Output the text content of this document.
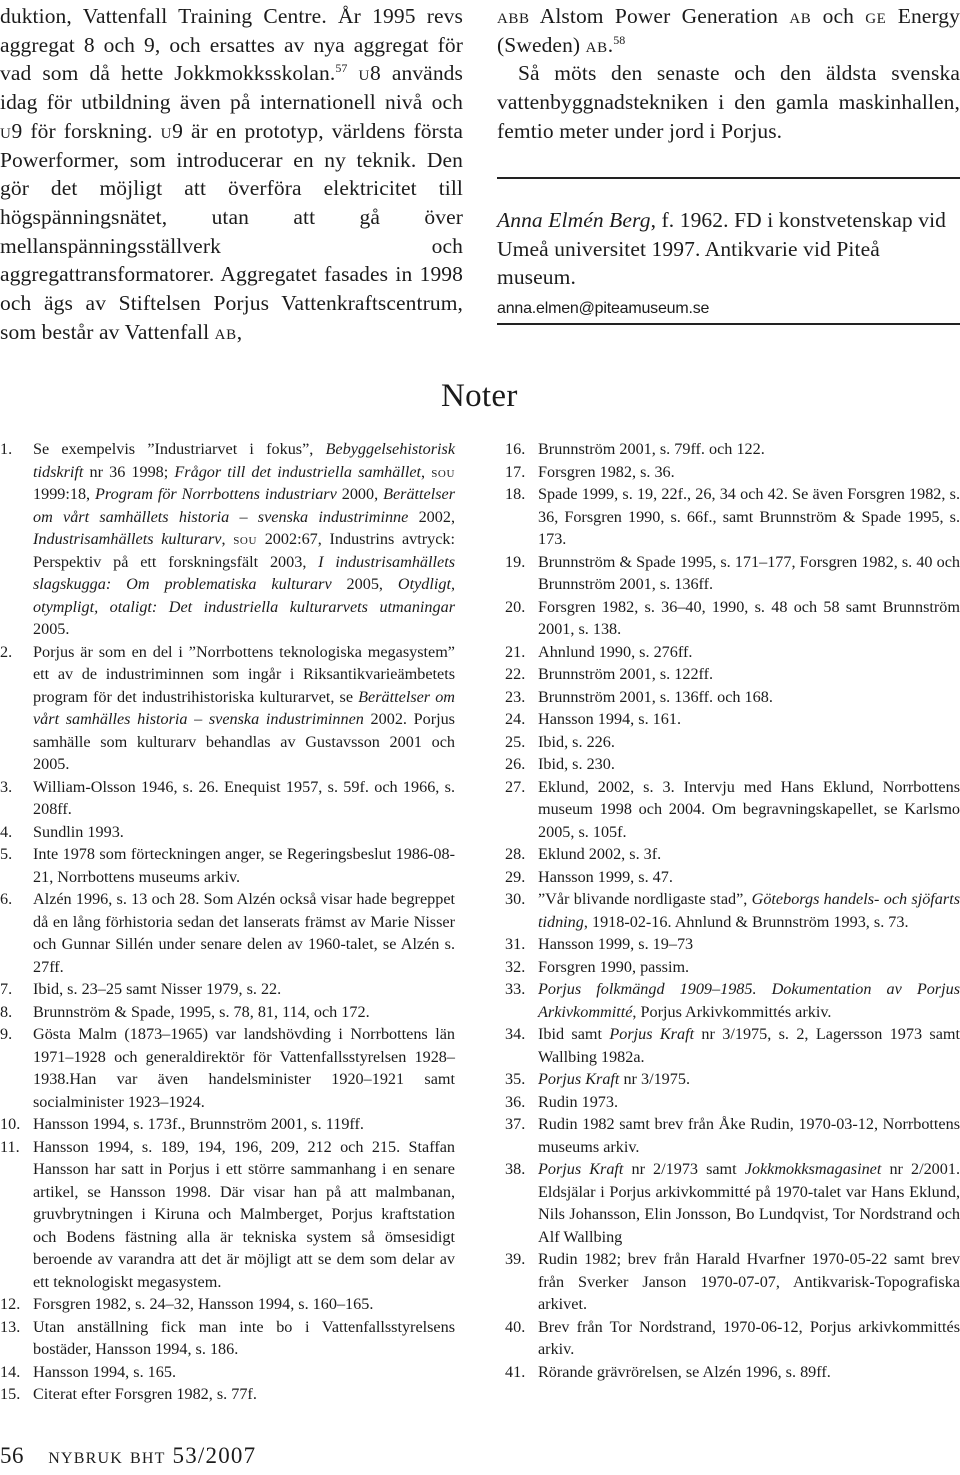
duktion, Vattenfall Training Centre. År 1995 revs aggregat 8 och 9, och ersattes av nya aggregat för vad som då hette Jokkmokksskolan.$^{57}$ u8 används idag för utbildning även på internationell nivå och u9 för forskning. u9 är en prototyp, världens första Powerformer, som introducerar en ny teknik. Den gör det möjligt att överföra elektricitet till högspänningsnätet, utan att gå över mellanspänningsställverk och aggregattransformatorer. Aggregatet fasades in 1998 och ägs av Stiftelsen Porjus Vattenkraftscentrum, som består av Vattenfall ab,

abb Alstom Power Generation ab och ge Energy (Sweden) ab.$^{58}$

Så möts den senaste och den äldsta svenska vattenbyggnadstekniken i den gamla maskinhallen, femtio meter under jord i Porjus.

Anna Elmén Berg, f. 1962. FD i konstvetenskap vid Umeå universitet 1997. Antikvarie vid Piteå museum.

anna.elmen@piteamuseum.se
Noter
1.	Se exempelvis ”Industriarvet i fokus”, Bebyggelsehistorisk tidskrift nr 36 1998; Frågor till det industriella samhället, sou 1999:18, Program för Norrbottens industriarv 2000, Berättelser om vårt samhällets historia – svenska industriminne 2002, Industrisamhällets kulturarv, sou 2002:67, Industrins avtryck: Perspektiv på ett forskningsfält 2003, I industrisamhällets slagskugga: Om problematiska kulturarv 2005, Otydligt, otympligt, otaligt: Det industriella kulturarvets utmaningar 2005.
2.	Porjus är som en del i ”Norrbottens teknologiska megasystem” ett av de industriminnen som ingår i Riksantikvarieämbetets program för det industrihistoriska kulturarvet, se Berättelser om vårt samhälles historia – svenska industriminnen 2002. Porjus samhälle som kulturarv behandlas av Gustavsson 2001 och 2005.
3.	William-Olsson 1946, s. 26. Enequist 1957, s. 59f. och 1966, s. 208ff.
4.	Sundlin 1993.
5.	Inte 1978 som förteckningen anger, se Regeringsbeslut 1986-08-21, Norrbottens museums arkiv.
6.	Alzén 1996, s. 13 och 28. Som Alzén också visar hade begreppet då en lång förhistoria sedan det lanserats främst av Marie Nisser och Gunnar Sillén under senare delen av 1960-talet, se Alzén s. 27ff.
7.	Ibid, s. 23–25 samt Nisser 1979, s. 22.
8.	Brunnström & Spade, 1995, s. 78, 81, 114, och 172.
9.	Gösta Malm (1873–1965) var landshövding i Norrbottens län 1971–1928 och generaldirektör för Vattenfallsstyrelsen 1928–1938.Han var även handelsminister 1920–1921 samt socialminister 1923–1924.
10. Hansson 1994, s. 173f., Brunnström 2001, s. 119ff.
11. Hansson 1994, s. 189, 194, 196, 209, 212 och 215. Staffan Hansson har satt in Porjus i ett större sammanhang i en senare artikel, se Hansson 1998. Där visar han på att malmbanan, gruvbrytningen i Kiruna och Malmberget, Porjus kraftstation och Bodens fästning alla är tekniska system så ömsesidigt beroende av varandra att det är möjligt att se dem som delar av ett teknologiskt megasystem.
12. Forsgren 1982, s. 24–32, Hansson 1994, s. 160–165.
13. Utan anställning fick man inte bo i Vattenfallsstyrelsens bostäder, Hansson 1994, s. 186.
14. Hansson 1994, s. 165.
15. Citerat efter Forsgren 1982, s. 77f.
16. Brunnström 2001, s. 79ff. och 122.
17. Forsgren 1982, s. 36.
18. Spade 1999, s. 19, 22f., 26, 34 och 42. Se även Forsgren 1982, s. 36, Forsgren 1990, s. 66f., samt Brunnström & Spade 1995, s. 173.
19. Brunnström & Spade 1995, s. 171–177, Forsgren 1982, s. 40 och Brunnström 2001, s. 136ff.
20. Forsgren 1982, s. 36–40, 1990, s. 48 och 58 samt Brunnström 2001, s. 138.
21. Ahnlund 1990, s. 276ff.
22. Brunnström 2001, s. 122ff.
23. Brunnström 2001, s. 136ff. och 168.
24. Hansson 1994, s. 161.
25. Ibid, s. 226.
26. Ibid, s. 230.
27. Eklund, 2002, s. 3. Intervju med Hans Eklund, Norrbottens museum 1998 och 2004. Om begravningskapellet, se Karlsmo 2005, s. 105f.
28. Eklund 2002, s. 3f.
29. Hansson 1999, s. 47.
30. ”Vår blivande nordligaste stad”, Göteborgs handels- och sjöfarts tidning, 1918-02-16. Ahnlund & Brunnström 1993, s. 73.
31. Hansson 1999, s. 19–73
32. Forsgren 1990, passim.
33. Porjus folkmängd 1909–1985. Dokumentation av Porjus Arkivkommitté, Porjus Arkivkommittés arkiv.
34. Ibid samt Porjus Kraft nr 3/1975, s. 2, Lagersson 1973 samt Wallbing 1982a.
35. Porjus Kraft nr 3/1975.
36. Rudin 1973.
37. Rudin 1982 samt brev från Åke Rudin, 1970-03-12, Norrbottens museums arkiv.
38. Porjus Kraft nr 2/1973 samt Jokkmokksmagasinet nr 2/2001. Eldsjälar i Porjus arkivkommitté på 1970-talet var Hans Eklund, Nils Johansson, Elin Jonsson, Bo Lundqvist, Tor Nordstrand och Alf Wallbing
39. Rudin 1982; brev från Harald Hvarfner 1970-05-22 samt brev från Sverker Janson 1970-07-07, Antikvarisk-Topografiska arkivet.
40. Brev från Tor Nordstrand, 1970-06-12, Porjus arkivkommittés arkiv.
41. Rörande grävrörelsen, se Alzén 1996, s. 89ff.
56 nybruk bht 53/2007
